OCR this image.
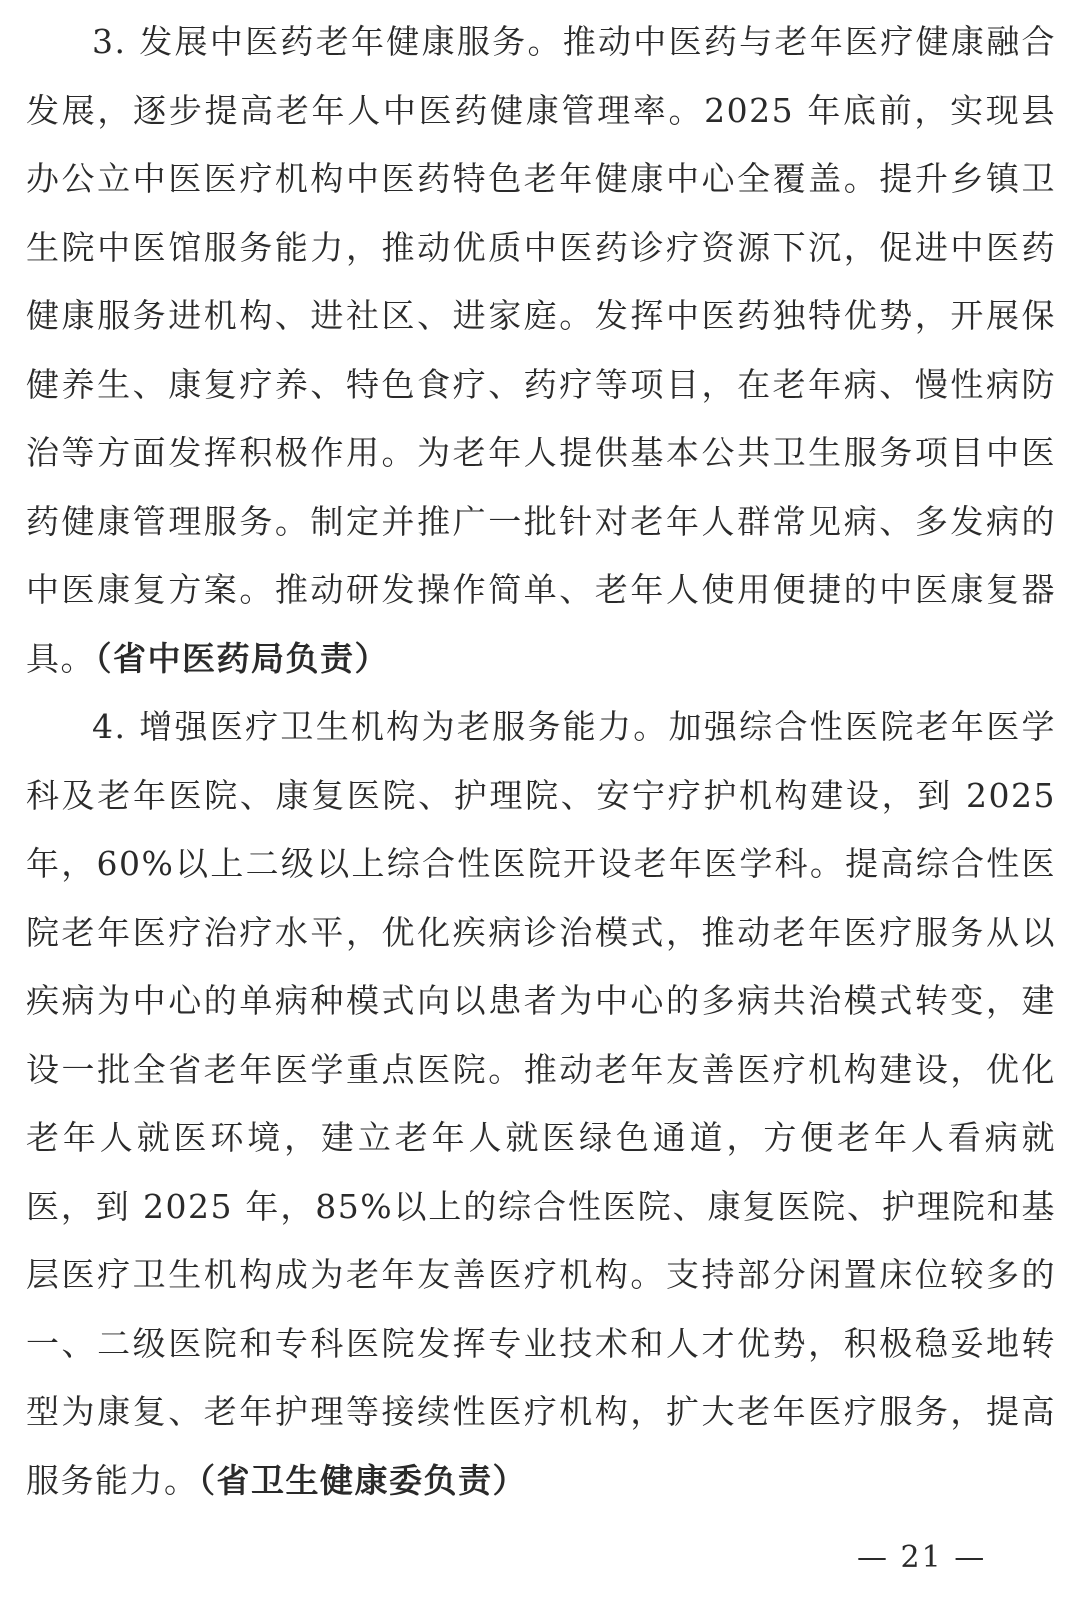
3. 发展中医药老年健康服务。推动中医药与老年医疗健康融合发展，逐步提高老年人中医药健康管理率。2025 年底前，实现县办公立中医医疗机构中医药特色老年健康中心全覆盖。提升乡镇卫生院中医馆服务能力，推动优质中医药诊疗资源下沉，促进中医药健康服务进机构、进社区、进家庭。发挥中医药独特优势，开展保健养生、康复疗养、特色食疗、药疗等项目，在老年病、慢性病防治等方面发挥积极作用。为老年人提供基本公共卫生服务项目中医药健康管理服务。制定并推广一批针对老年人群常见病、多发病的中医康复方案。推动研发操作简单、老年人使用便捷的中医康复器具。（省中医药局负责）

4. 增强医疗卫生机构为老服务能力。加强综合性医院老年医学科及老年医院、康复医院、护理院、安宁疗护机构建设，到 2025 年，60%以上二级以上综合性医院开设老年医学科。提高综合性医院老年医疗治疗水平，优化疾病诊治模式，推动老年医疗服务从以疾病为中心的单病种模式向以患者为中心的多病共治模式转变，建设一批全省老年医学重点医院。推动老年友善医疗机构建设，优化老年人就医环境，建立老年人就医绿色通道，方便老年人看病就医，到 2025 年，85%以上的综合性医院、康复医院、护理院和基层医疗卫生机构成为老年友善医疗机构。支持部分闲置床位较多的一、二级医院和专科医院发挥专业技术和人才优势，积极稳妥地转型为康复、老年护理等接续性医疗机构，扩大老年医疗服务，提高服务能力。（省卫生健康委负责）

— 21 —
